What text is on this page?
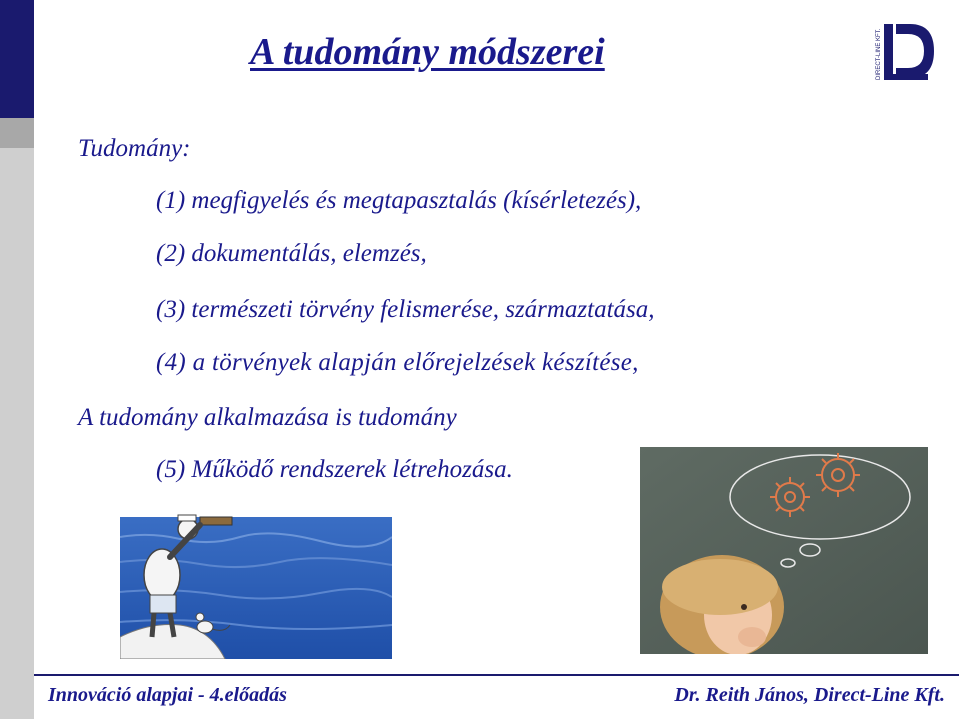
A tudomány módszerei	DIRECT-LINE KFT.
Tudomány:
(1) megfigyelés és megtapasztalás (kísérletezés),
(2) dokumentálás, elemzés,
(3) természeti törvény felismerése, származtatása,
(4) a törvények alapján előrejelzések készítése,
A tudomány alkalmazása is tudomány
(5) Működő rendszerek létrehozása.
Innováció alapjai - 4.előadás	Dr. Reith János, Direct-Line Kft.
